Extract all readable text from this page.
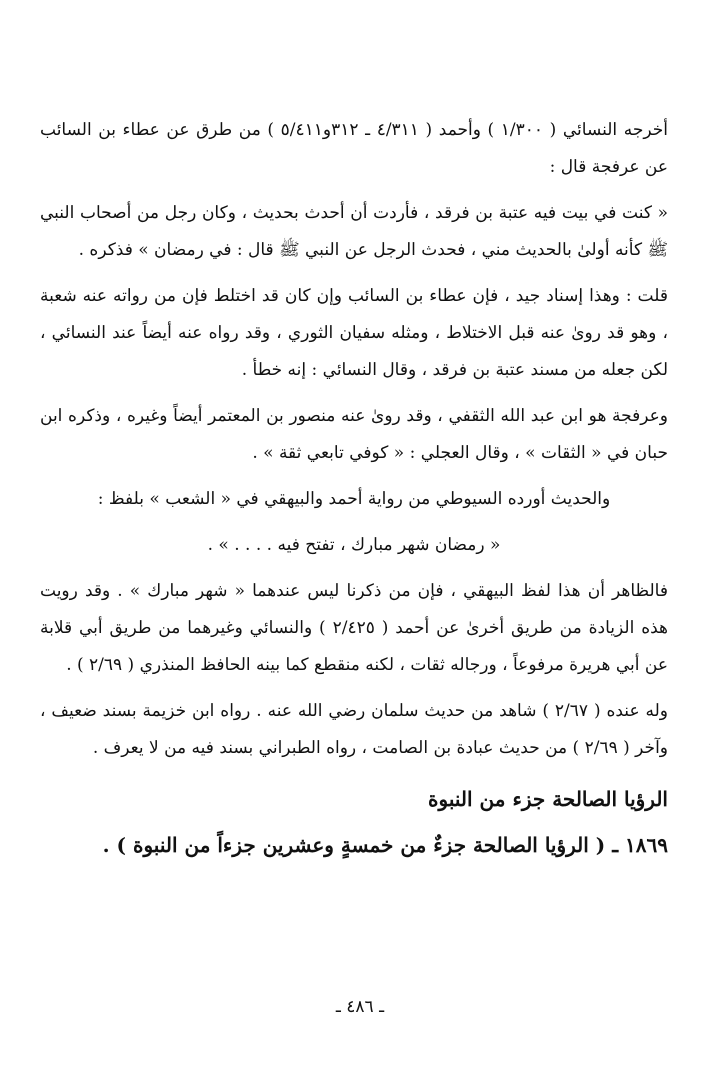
أخرجه النسائي ( ١/٣٠٠ ) وأحمد ( ٤/٣١١ ـ ٣١٢و٥/٤١١ ) من طرق عن عطاء بن السائب عن عرفجة قال :

« كنت في بيت فيه عتبة بن فرقد ، فأردت أن أحدث بحديث ، وكان رجل من أصحاب النبي ﷺ كأنه أولىٰ بالحديث مني ، فحدث الرجل عن النبي ﷺ قال : في رمضان » فذكره .

قلت : وهذا إسناد جيد ، فإن عطاء بن السائب وإن كان قد اختلط فإن من رواته عنه شعبة ، وهو قد روىٰ عنه قبل الاختلاط ، ومثله سفيان الثوري ، وقد رواه عنه أيضاً عند النسائي ، لكن جعله من مسند عتبة بن فرقد ، وقال النسائي : إنه خطأ .

وعرفجة هو ابن عبد الله الثقفي ، وقد روىٰ عنه منصور بن المعتمر أيضاً وغيره ، وذكره ابن حبان في « الثقات » ، وقال العجلي : « كوفي تابعي ثقة » .

والحديث أورده السيوطي من رواية أحمد والبيهقي في « الشعب » بلفظ :

« رمضان شهر مبارك ، تفتح فيه . . . . » .

فالظاهر أن هذا لفظ البيهقي ، فإن من ذكرنا ليس عندهما « شهر مبارك » . وقد رويت هذه الزيادة من طريق أخرىٰ عن أحمد ( ٢/٤٢٥ ) والنسائي وغيرهما من طريق أبي قلابة عن أبي هريرة مرفوعاً ، ورجاله ثقات ، لكنه منقطع كما بينه الحافظ المنذري ( ٢/٦٩ ) .

وله عنده ( ٢/٦٧ ) شاهد من حديث سلمان رضي الله عنه . رواه ابن خزيمة بسند ضعيف ، وآخر ( ٢/٦٩ ) من حديث عبادة بن الصامت ، رواه الطبراني بسند فيه من لا يعرف .

الرؤيا الصالحة جزء من النبوة

١٨٦٩ ـ ( الرؤيا الصالحة جزءٌ من خمسةٍ وعشرين جزءاً من النبوة ) .

ـ ٤٨٦ ـ
